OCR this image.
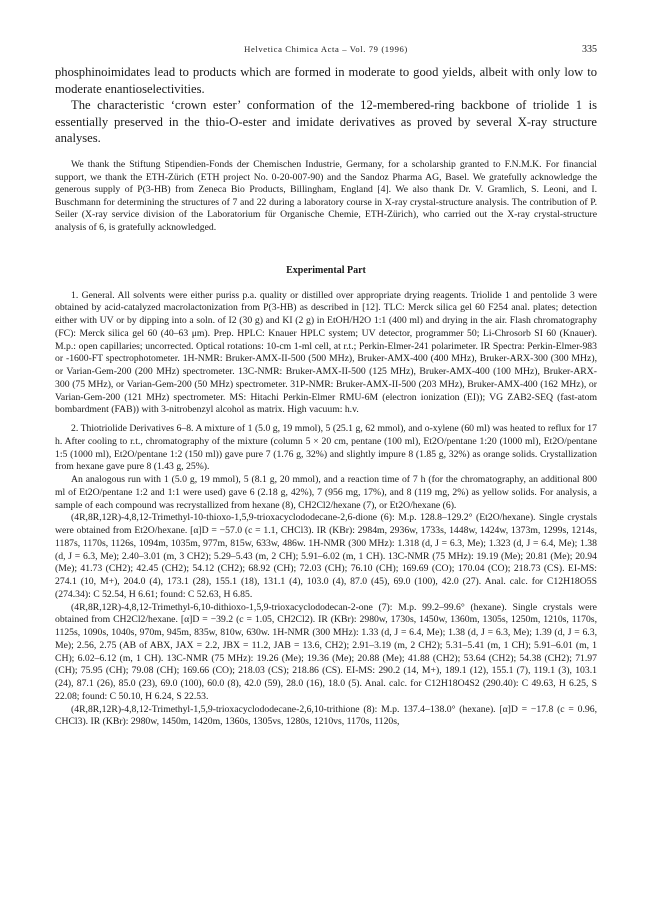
Helvetica Chimica Acta – Vol. 79 (1996)	335

phosphinoimidates lead to products which are formed in moderate to good yields, albeit with only low to moderate enantioselectivities.

The characteristic ‘crown ester’ conformation of the 12-membered-ring backbone of triolide 1 is essentially preserved in the thio-O-ester and imidate derivatives as proved by several X-ray structure analyses.

We thank the Stiftung Stipendien-Fonds der Chemischen Industrie, Germany, for a scholarship granted to F.N.M.K. For financial support, we thank the ETH-Zürich (ETH project No. 0-20-007-90) and the Sandoz Pharma AG, Basel. We gratefully acknowledge the generous supply of P(3-HB) from Zeneca Bio Products, Billingham, England [4]. We also thank Dr. V. Gramlich, S. Leoni, and I. Buschmann for determining the structures of 7 and 22 during a laboratory course in X-ray crystal-structure analysis. The contribution of P. Seiler (X-ray service division of the Laboratorium für Organische Chemie, ETH-Zürich), who carried out the X-ray crystal-structure analysis of 6, is gratefully acknowledged.

Experimental Part

1. General. All solvents were either puriss p.a. quality or distilled over appropriate drying reagents. Triolide 1 and pentolide 3 were obtained by acid-catalyzed macrolactonization from P(3-HB) as described in [12]. TLC: Merck silica gel 60 F254 anal. plates; detection either with UV or by dipping into a soln. of I2 (30 g) and KI (2 g) in EtOH/H2O 1:1 (400 ml) and drying in the air. Flash chromatography (FC): Merck silica gel 60 (40–63 μm). Prep. HPLC: Knauer HPLC system; UV detector, programmer 50; Li-Chrosorb SI 60 (Knauer). M.p.: open capillaries; uncorrected. Optical rotations: 10-cm 1-ml cell, at r.t.; Perkin-Elmer-241 polarimeter. IR Spectra: Perkin-Elmer-983 or -1600-FT spectrophotometer. 1H-NMR: Bruker-AMX-II-500 (500 MHz), Bruker-AMX-400 (400 MHz), Bruker-ARX-300 (300 MHz), or Varian-Gem-200 (200 MHz) spectrometer. 13C-NMR: Bruker-AMX-II-500 (125 MHz), Bruker-AMX-400 (100 MHz), Bruker-ARX-300 (75 MHz), or Varian-Gem-200 (50 MHz) spectrometer. 31P-NMR: Bruker-AMX-II-500 (203 MHz), Bruker-AMX-400 (162 MHz), or Varian-Gem-200 (121 MHz) spectrometer. MS: Hitachi Perkin-Elmer RMU-6M (electron ionization (EI)); VG ZAB2-SEQ (fast-atom bombardment (FAB)) with 3-nitrobenzyl alcohol as matrix. High vacuum: h.v.

2. Thiotriolide Derivatives 6–8. A mixture of 1 (5.0 g, 19 mmol), 5 (25.1 g, 62 mmol), and o-xylene (60 ml) was heated to reflux for 17 h. After cooling to r.t., chromatography of the mixture (column 5 × 20 cm, pentane (100 ml), Et2O/pentane 1:20 (1000 ml), Et2O/pentane 1:5 (1000 ml), Et2O/pentane 1:2 (150 ml)) gave pure 7 (1.76 g, 32%) and slightly impure 8 (1.85 g, 32%) as orange solids. Crystallization from hexane gave pure 8 (1.43 g, 25%).

An analogous run with 1 (5.0 g, 19 mmol), 5 (8.1 g, 20 mmol), and a reaction time of 7 h (for the chromatography, an additional 800 ml of Et2O/pentane 1:2 and 1:1 were used) gave 6 (2.18 g, 42%), 7 (956 mg, 17%), and 8 (119 mg, 2%) as yellow solids. For analysis, a sample of each compound was recrystallized from hexane (8), CH2Cl2/hexane (7), or Et2O/hexane (6).

(4R,8R,12R)-4,8,12-Trimethyl-10-thioxo-1,5,9-trioxacyclododecane-2,6-dione (6): M.p. 128.8–129.2° (Et2O/hexane). Single crystals were obtained from Et2O/hexane. [α]D = −57.0 (c = 1.1, CHCl3). IR (KBr): 2984m, 2936w, 1733s, 1448w, 1424w, 1373m, 1299s, 1214s, 1187s, 1170s, 1126s, 1094m, 1035m, 977m, 815w, 633w, 486w. 1H-NMR (300 MHz): 1.318 (d, J = 6.3, Me); 1.323 (d, J = 6.4, Me); 1.38 (d, J = 6.3, Me); 2.40–3.01 (m, 3 CH2); 5.29–5.43 (m, 2 CH); 5.91–6.02 (m, 1 CH). 13C-NMR (75 MHz): 19.19 (Me); 20.81 (Me); 20.94 (Me); 41.73 (CH2); 42.45 (CH2); 54.12 (CH2); 68.92 (CH); 72.03 (CH); 76.10 (CH); 169.69 (CO); 170.04 (CO); 218.73 (CS). EI-MS: 274.1 (10, M+), 204.0 (4), 173.1 (28), 155.1 (18), 131.1 (4), 103.0 (4), 87.0 (45), 69.0 (100), 42.0 (27). Anal. calc. for C12H18O5S (274.34): C 52.54, H 6.61; found: C 52.63, H 6.85.

(4R,8R,12R)-4,8,12-Trimethyl-6,10-dithioxo-1,5,9-trioxacyclododecan-2-one (7): M.p. 99.2–99.6° (hexane). Single crystals were obtained from CH2Cl2/hexane. [α]D = −39.2 (c = 1.05, CH2Cl2). IR (KBr): 2980w, 1730s, 1450w, 1360m, 1305s, 1250m, 1210s, 1170s, 1125s, 1090s, 1040s, 970m, 945m, 835w, 810w, 630w. 1H-NMR (300 MHz): 1.33 (d, J = 6.4, Me); 1.38 (d, J = 6.3, Me); 1.39 (d, J = 6.3, Me); 2.56, 2.75 (AB of ABX, JAX = 2.2, JBX = 11.2, JAB = 13.6, CH2); 2.91–3.19 (m, 2 CH2); 5.31–5.41 (m, 1 CH); 5.91–6.01 (m, 1 CH); 6.02–6.12 (m, 1 CH). 13C-NMR (75 MHz): 19.26 (Me); 19.36 (Me); 20.88 (Me); 41.88 (CH2); 53.64 (CH2); 54.38 (CH2); 71.97 (CH); 75.95 (CH); 79.08 (CH); 169.66 (CO); 218.03 (CS); 218.86 (CS). EI-MS: 290.2 (14, M+), 189.1 (12), 155.1 (7), 119.1 (3), 103.1 (24), 87.1 (26), 85.0 (23), 69.0 (100), 60.0 (8), 42.0 (59), 28.0 (16), 18.0 (5). Anal. calc. for C12H18O4S2 (290.40): C 49.63, H 6.25, S 22.08; found: C 50.10, H 6.24, S 22.53.

(4R,8R,12R)-4,8,12-Trimethyl-1,5,9-trioxacyclododecane-2,6,10-trithione (8): M.p. 137.4–138.0° (hexane). [α]D = −17.8 (c = 0.96, CHCl3). IR (KBr): 2980w, 1450m, 1420m, 1360s, 1305vs, 1280s, 1210vs, 1170s, 1120s,
